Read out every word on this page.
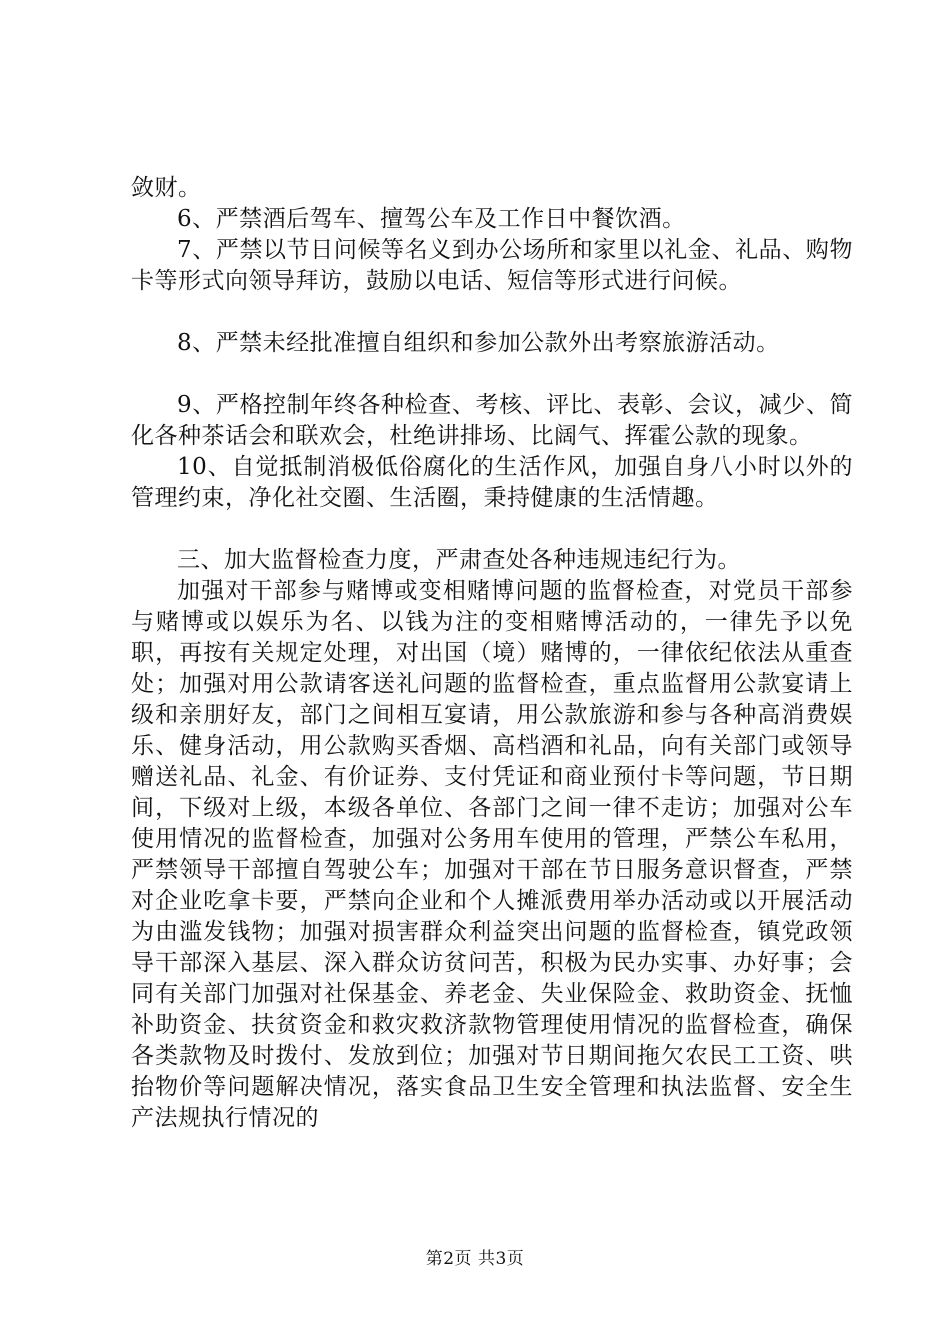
敛财。

6、严禁酒后驾车、擅驾公车及工作日中餐饮酒。

7、严禁以节日问候等名义到办公场所和家里以礼金、礼品、购物卡等形式向领导拜访，鼓励以电话、短信等形式进行问候。

8、严禁未经批准擅自组织和参加公款外出考察旅游活动。

9、严格控制年终各种检查、考核、评比、表彰、会议，减少、简化各种茶话会和联欢会，杜绝讲排场、比阔气、挥霍公款的现象。

10、自觉抵制消极低俗腐化的生活作风，加强自身八小时以外的管理约束，净化社交圈、生活圈，秉持健康的生活情趣。

三、加大监督检查力度，严肃查处各种违规违纪行为。

加强对干部参与赌博或变相赌博问题的监督检查，对党员干部参与赌博或以娱乐为名、以钱为注的变相赌博活动的，一律先予以免职，再按有关规定处理，对出国（境）赌博的，一律依纪依法从重查处；加强对用公款请客送礼问题的监督检查，重点监督用公款宴请上级和亲朋好友，部门之间相互宴请，用公款旅游和参与各种高消费娱乐、健身活动，用公款购买香烟、高档酒和礼品，向有关部门或领导赠送礼品、礼金、有价证券、支付凭证和商业预付卡等问题，节日期间，下级对上级，本级各单位、各部门之间一律不走访；加强对公车使用情况的监督检查，加强对公务用车使用的管理，严禁公车私用，严禁领导干部擅自驾驶公车；加强对干部在节日服务意识督查，严禁对企业吃拿卡要，严禁向企业和个人摊派费用举办活动或以开展活动为由滥发钱物；加强对损害群众利益突出问题的监督检查，镇党政领导干部深入基层、深入群众访贫问苦，积极为民办实事、办好事；会同有关部门加强对社保基金、养老金、失业保险金、救助资金、抚恤补助资金、扶贫资金和救灾救济款物管理使用情况的监督检查，确保各类款物及时拨付、发放到位；加强对节日期间拖欠农民工工资、哄抬物价等问题解决情况，落实食品卫生安全管理和执法监督、安全生产法规执行情况的

第2页 共3页
